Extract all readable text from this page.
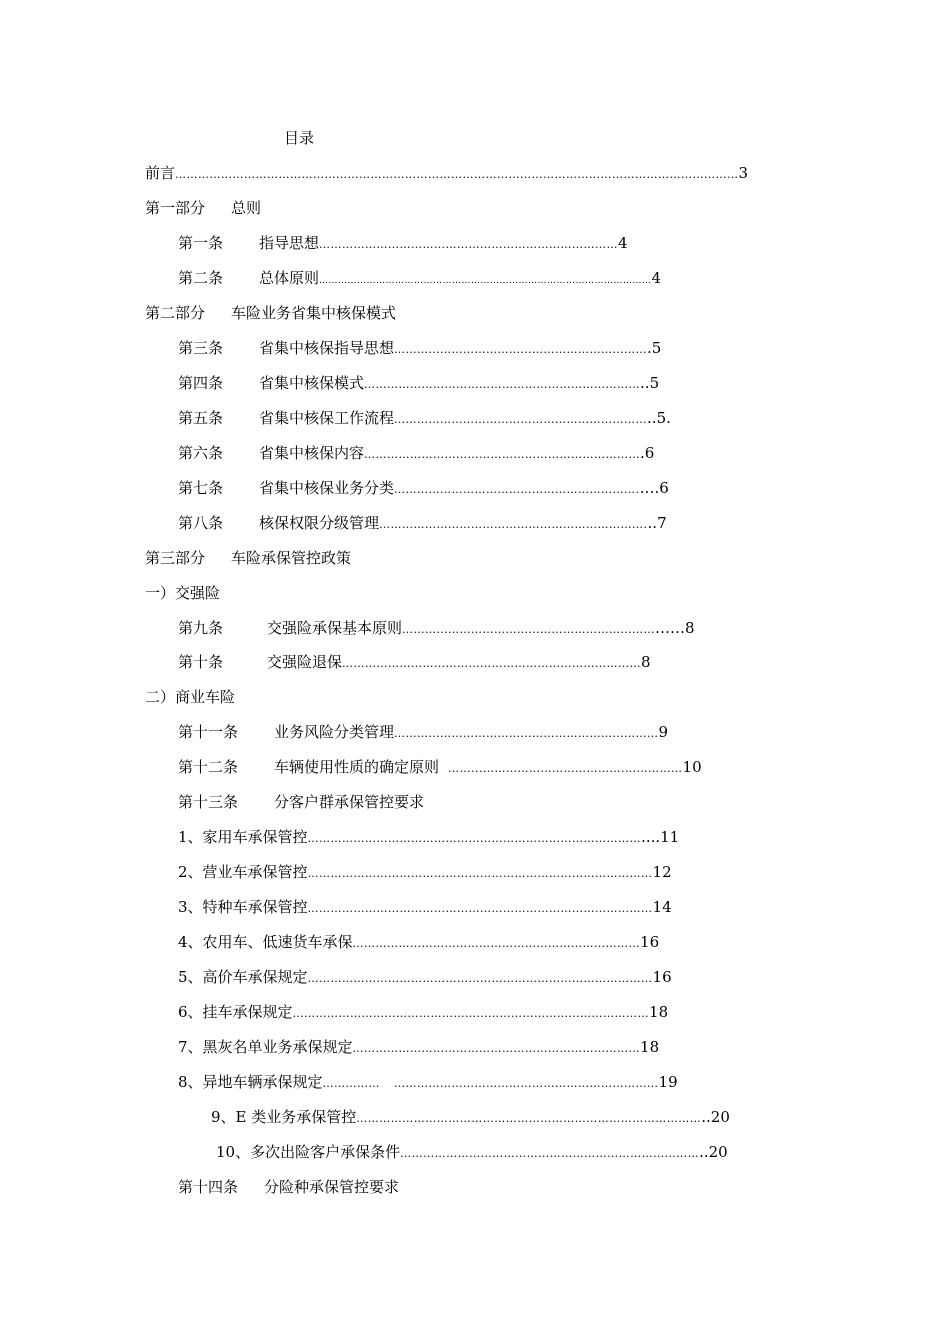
目录
前言…………………………………………………………………………………………………………………………………3
第一部分 总则
第一条 指导思想……………………………………………………………………4
第二条 总体原则……………………………………………………………………………………………4
第二部分 车险业务省集中核保模式
第三条 省集中核保指导思想………………………………………………………….5
第四条 省集中核保模式………………………………………………………………..5
第五条 省集中核保工作流程…………………………………………………………..5.
第六条 省集中核保内容……………………………………………………………….6
第七条 省集中核保业务分类……………………………………………………….….6
第八条 核保权限分级管理……………………………………………………………...7
第三部分 车险承保管控政策
一）交强险
第九条	交强险承保基本原则………………………………………………………………8
第十条	交强险退保……………………………………………………………………8
二）商业车险
第十一条 业务风险分类管理……………………………………………………………9
第十二条 车辆使用性质的确定原则 ……...……………………………….……………10
第十三条 分客户群承保管控要求
1、家用车承保管控……………………………………………………………………………....11
2、营业车承保管控………………………………………………………………………………12
3、特种车承保管控………………………………………………………………………………14
4、农用车、低速货车承保…………………………………………………………………16
5、高价车承保规定………………………………………………………………………………16
6、挂车承保规定…………………………………………………………………………………18
7、黑灰名单业务承保规定…………………………………………………………………18
8、异地车辆承保规定…………… ……………………………………………………………19
9、E 类业务承保管控………………………………………………………………………………..20
10、多次出险客户承保条件……………………………………………………………………..20
第十四条 分险种承保管控要求
